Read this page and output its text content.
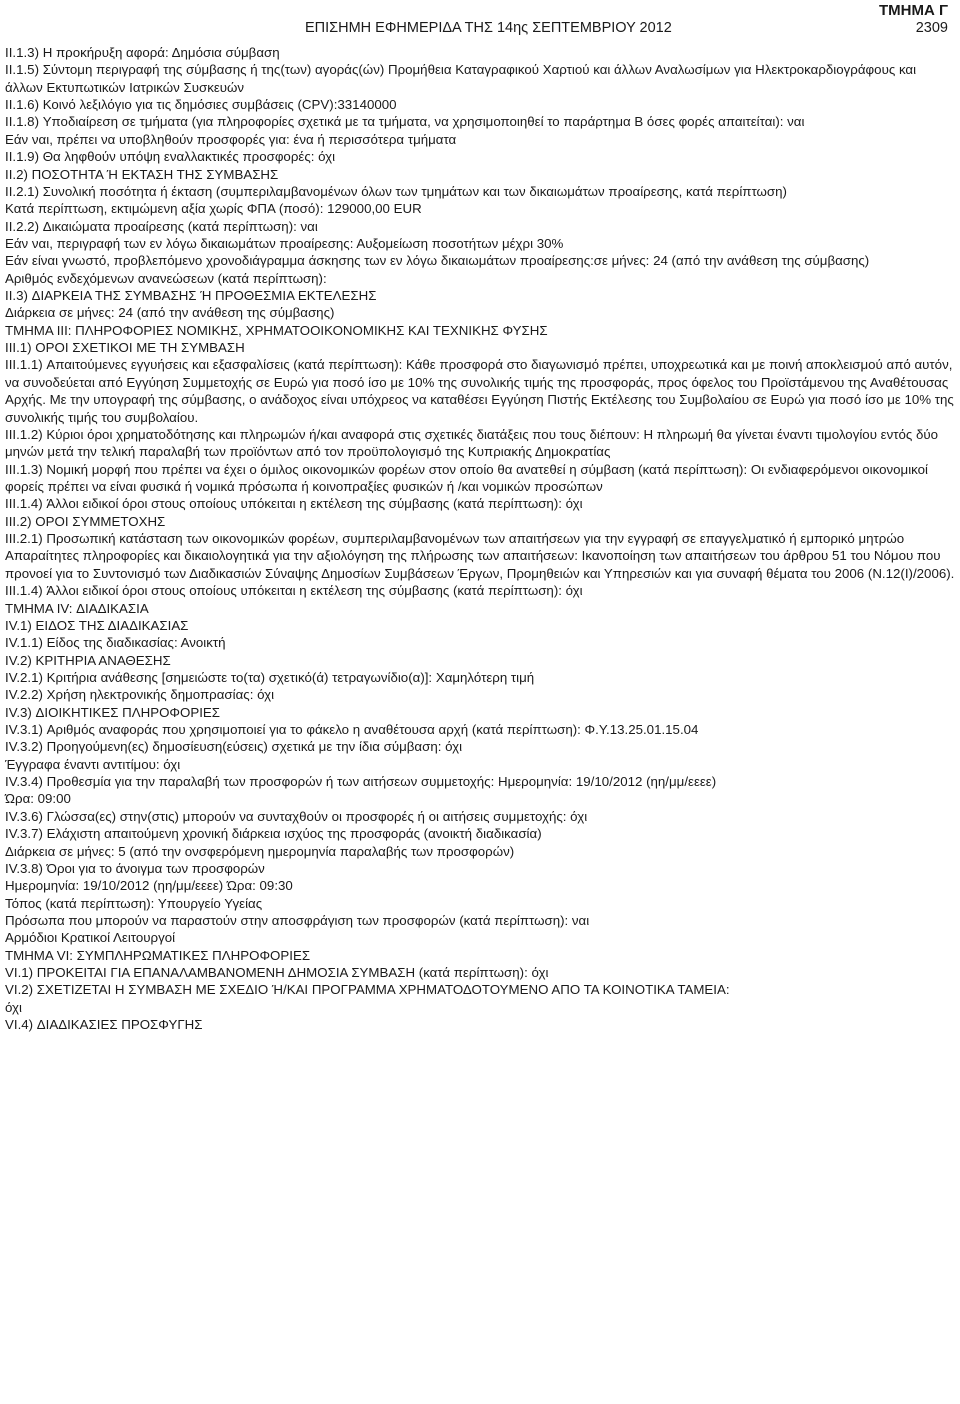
ΤΜΗΜΑ Γ
ΕΠΙΣΗΜΗ ΕΦΗΜΕΡΙΔΑ ΤΗΣ 14ης ΣΕΠΤΕΜΒΡΙΟΥ 2012	2309

II.1.3) Η προκήρυξη αφορά: Δημόσια σύμβαση

II.1.5) Σύντομη περιγραφή της σύμβασης ή της(των) αγοράς(ών) Προμήθεια Καταγραφικού Χαρτιού και άλλων Αναλωσίμων για Ηλεκτροκαρδιογράφους και άλλων Εκτυπωτικών Ιατρικών Συσκευών

II.1.6) Κοινό λεξιλόγιο για τις δημόσιες συμβάσεις (CPV):33140000

II.1.8) Υποδιαίρεση σε τμήματα (για πληροφορίες σχετικά με τα τμήματα, να χρησιμοποιηθεί το παράρτημα Β όσες φορές απαιτείται): ναι

Εάν ναι, πρέπει να υποβληθούν προσφορές για: ένα ή περισσότερα τμήματα

II.1.9) Θα ληφθούν υπόψη εναλλακτικές προσφορές: όχι

II.2) ΠΟΣΟΤΗΤΑ Ή ΕΚΤΑΣΗ ΤΗΣ ΣΥΜΒΑΣΗΣ

II.2.1) Συνολική ποσότητα ή έκταση (συμπεριλαμβανομένων όλων των τμημάτων και των δικαιωμάτων προαίρεσης, κατά περίπτωση)

Κατά περίπτωση, εκτιμώμενη αξία χωρίς ΦΠΑ (ποσό): 129000,00 EUR

II.2.2) Δικαιώματα προαίρεσης (κατά περίπτωση): ναι

Εάν ναι, περιγραφή των εν λόγω δικαιωμάτων προαίρεσης: Αυξομείωση ποσοτήτων μέχρι 30%

Εάν είναι γνωστό, προβλεπόμενο χρονοδιάγραμμα άσκησης των εν λόγω δικαιωμάτων προαίρεσης:σε μήνες: 24 (από την ανάθεση της σύμβασης)

Αριθμός ενδεχόμενων ανανεώσεων (κατά περίπτωση):

II.3) ΔΙΑΡΚΕΙΑ ΤΗΣ ΣΥΜΒΑΣΗΣ Ή ΠΡΟΘΕΣΜΙΑ ΕΚΤΕΛΕΣΗΣ

Διάρκεια σε μήνες: 24 (από την ανάθεση της σύμβασης)

ΤΜΗΜΑ III: ΠΛΗΡΟΦΟΡΙΕΣ ΝΟΜΙΚΗΣ, ΧΡΗΜΑΤΟΟΙΚΟΝΟΜΙΚΗΣ ΚΑΙ ΤΕΧΝΙΚΗΣ ΦΥΣΗΣ

III.1) ΟΡΟΙ ΣΧΕΤΙΚΟΙ ΜΕ ΤΗ ΣΥΜΒΑΣΗ

III.1.1) Απαιτούμενες εγγυήσεις και εξασφαλίσεις (κατά περίπτωση): Κάθε προσφορά στο διαγωνισμό πρέπει, υποχρεωτικά και με ποινή αποκλεισμού από αυτόν, να συνοδεύεται από Εγγύηση Συμμετοχής σε Ευρώ για ποσό ίσο με 10% της συνολικής τιμής της προσφοράς, προς όφελος του Προϊστάμενου της Αναθέτουσας Αρχής. Με την υπογραφή της σύμβασης, ο ανάδοχος είναι υπόχρεος να καταθέσει Εγγύηση Πιστής Εκτέλεσης του Συμβολαίου σε Ευρώ για ποσό ίσο με 10% της συνολικής τιμής του συμβολαίου.

III.1.2) Κύριοι όροι χρηματοδότησης και πληρωμών ή/και αναφορά στις σχετικές διατάξεις που τους διέπουν: Η πληρωμή θα γίνεται έναντι τιμολογίου εντός δύο μηνών μετά την τελική παραλαβή των προϊόντων από τον προϋπολογισμό της Κυπριακής Δημοκρατίας

III.1.3) Νομική μορφή που πρέπει να έχει ο όμιλος οικονομικών φορέων στον οποίο θα ανατεθεί η σύμβαση (κατά περίπτωση): Οι ενδιαφερόμενοι οικονομικοί φορείς πρέπει να είναι φυσικά ή νομικά πρόσωπα ή κοινοπραξίες φυσικών ή /και νομικών προσώπων

III.1.4) Άλλοι ειδικοί όροι στους οποίους υπόκειται η εκτέλεση της σύμβασης (κατά περίπτωση): όχι

III.2) ΟΡΟΙ ΣΥΜΜΕΤΟΧΗΣ

III.2.1) Προσωπική κατάσταση των οικονομικών φορέων, συμπεριλαμβανομένων των απαιτήσεων για την εγγραφή σε επαγγελματικό ή εμπορικό μητρώο Απαραίτητες πληροφορίες και δικαιολογητικά για την αξιολόγηση της πλήρωσης των απαιτήσεων: Ικανοποίηση των απαιτήσεων του άρθρου 51 του Νόμου που προνοεί για το Συντονισμό των Διαδικασιών Σύναψης Δημοσίων Συμβάσεων Έργων, Προμηθειών και Υπηρεσιών και για συναφή θέματα του 2006 (Ν.12(Ι)/2006).

III.1.4) Άλλοι ειδικοί όροι στους οποίους υπόκειται η εκτέλεση της σύμβασης (κατά περίπτωση): όχι

ΤΜΗΜΑ IV: ΔΙΑΔΙΚΑΣΙΑ

IV.1) ΕΙΔΟΣ ΤΗΣ ΔΙΑΔΙΚΑΣΙΑΣ

IV.1.1) Είδος της διαδικασίας: Ανοικτή

IV.2) ΚΡΙΤΗΡΙΑ ΑΝΑΘΕΣΗΣ

IV.2.1) Κριτήρια ανάθεσης [σημειώστε το(τα) σχετικό(ά) τετραγωνίδιο(α)]: Χαμηλότερη τιμή

IV.2.2) Χρήση ηλεκτρονικής δημοπρασίας: όχι

IV.3) ΔΙΟΙΚΗΤΙΚΕΣ ΠΛΗΡΟΦΟΡΙΕΣ

IV.3.1) Αριθμός αναφοράς που χρησιμοποιεί για το φάκελο η αναθέτουσα αρχή (κατά περίπτωση): Φ.Υ.13.25.01.15.04

IV.3.2) Προηγούμενη(ες) δημοσίευση(εύσεις) σχετικά με την ίδια σύμβαση: όχι

Έγγραφα έναντι αντιτίμου: όχι

IV.3.4) Προθεσμία για την παραλαβή των προσφορών ή των αιτήσεων συμμετοχής: Ημερομηνία: 19/10/2012 (ηη/μμ/εεεε)

Ώρα: 09:00

IV.3.6) Γλώσσα(ες) στην(στις) μπορούν να συνταχθούν οι προσφορές ή οι αιτήσεις συμμετοχής: όχι

IV.3.7) Ελάχιστη απαιτούμενη χρονική διάρκεια ισχύος της προσφοράς (ανοικτή διαδικασία)

Διάρκεια σε μήνες: 5 (από την ονσφερόμενη ημερομηνία παραλαβής των προσφορών)

IV.3.8) Όροι για το άνοιγμα των προσφορών

Ημερομηνία: 19/10/2012 (ηη/μμ/εεεε) Ώρα: 09:30

Τόπος (κατά περίπτωση): Υπουργείο Υγείας

Πρόσωπα που μπορούν να παραστούν στην αποσφράγιση των προσφορών (κατά περίπτωση): ναι

Αρμόδιοι Κρατικοί Λειτουργοί

ΤΜΗΜΑ VI: ΣΥΜΠΛΗΡΩΜΑΤΙΚΕΣ ΠΛΗΡΟΦΟΡΙΕΣ

VI.1) ΠΡΟΚΕΙΤΑΙ ΓΙΑ ΕΠΑΝΑΛΑΜΒΑΝΟΜΕΝΗ ΔΗΜΟΣΙΑ ΣΥΜΒΑΣΗ (κατά περίπτωση): όχι

VI.2) ΣΧΕΤΙΖΕΤΑΙ Η ΣΥΜΒΑΣΗ ΜΕ ΣΧΕΔΙΟ Ή/ΚΑΙ ΠΡΟΓΡΑΜΜΑ ΧΡΗΜΑΤΟΔΟΤΟΥΜΕΝΟ ΑΠΟ ΤΑ ΚΟΙΝΟΤΙΚΑ ΤΑΜΕΙΑ:

όχι

VI.4) ΔΙΑΔΙΚΑΣΙΕΣ ΠΡΟΣΦΥΓΗΣ
